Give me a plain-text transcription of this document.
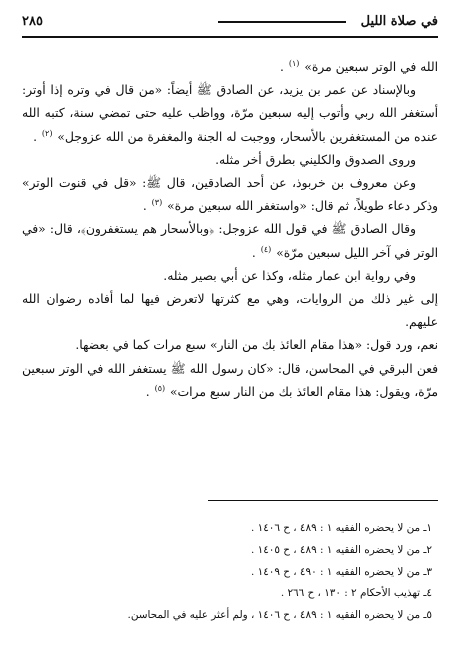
في صلاة الليل
٢٨٥

الله في الوتر سبعين مرة» $^{(١)}$ .

وبالإسناد عن عمر بن يزيد، عن الصادق ﷺ أيضاً: «من قال في وتره إذا أوتر: أستغفر الله ربي وأتوب إليه سبعين مرّة، وواظب عليه حتى تمضي سنة، كتبه الله عنده من المستغفرين بالأسحار، ووجبت له الجنة والمغفرة من الله عزوجل» $^{(٢)}$ .

وروى الصدوق والكليني بطرق أخر مثله.

وعن معروف بن خربوذ، عن أحد الصادقين، قال ﷺ: «قل في قنوت الوتر» وذكر دعاء طويلاً، ثم قال: «واستغفر الله سبعين مرة» $^{(٣)}$ .

وقال الصادق ﷺ في قول الله عزوجل: ﴿وبالأسحار هم يستغفرون﴾، قال: «في الوتر في آخر الليل سبعين مرّة» $^{(٤)}$ .

وفي رواية ابن عمار مثله، وكذا عن أبي بصير مثله.

إلى غير ذلك من الروايات، وهي مع كثرتها لاتعرض فيها لما أفاده رضوان الله عليهم.

نعم، ورد قول: «هذا مقام العائذ بك من النار» سبع مرات كما في بعضها.

فعن البرقي في المحاسن، قال: «كان رسول الله ﷺ يستغفر الله في الوتر سبعين مرّة، ويقول: هذا مقام العائذ بك من النار سبع مرات» $^{(٥)}$ .

١ـ من لا يحضره الفقيه ١ : ٤٨٩ ، ح ١٤٠٦ .
٢ـ من لا يحضره الفقيه ١ : ٤٨٩ ، ح ١٤٠٥ .
٣ـ من لا يحضره الفقيه ١ : ٤٩٠ ، ح ١٤٠٩ .
٤ـ تهذيب الأحكام ٢ : ١٣٠ ، ح ٢٦٦ .
٥ـ من لا يحضره الفقيه ١ : ٤٨٩ ، ح ١٤٠٦ ، ولم أعثر عليه في المحاسن.
